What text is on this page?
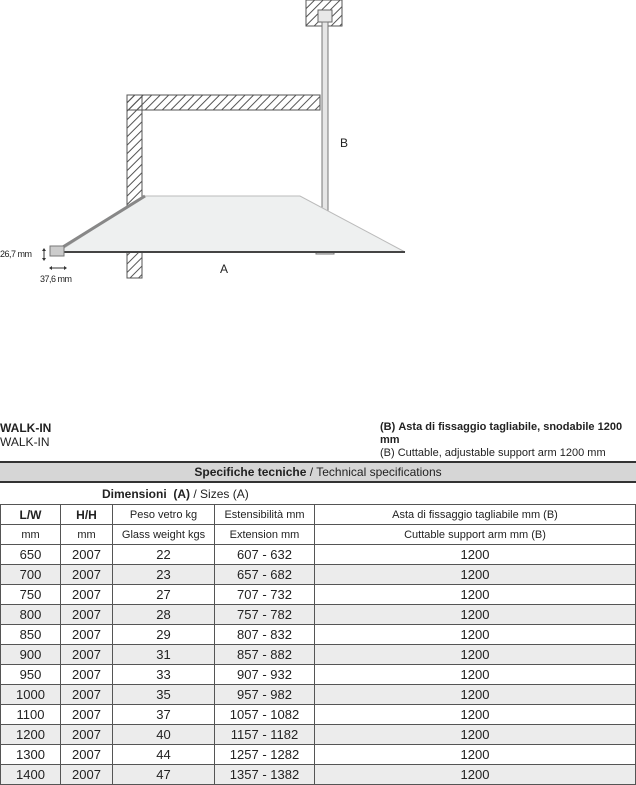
B
A
26,7 mm
37,6 mm
WALK-IN
WALK-IN
(B) Asta di fissaggio tagliabile, snodabile 1200 mm
(B) Cuttable, adjustable support arm 1200 mm
Specifiche tecniche / Technical specifications
Dimensioni (A) / Sizes (A)
L/W	H/H	Peso vetro kg	Estensibilità mm	Asta di fissaggio tagliabile mm (B)
mm	mm	Glass weight kgs	Extension mm	Cuttable support arm mm (B)
650	2007	22	607 - 632	1200
700	2007	23	657 - 682	1200
750	2007	27	707 - 732	1200
800	2007	28	757 - 782	1200
850	2007	29	807 - 832	1200
900	2007	31	857 - 882	1200
950	2007	33	907 - 932	1200
1000	2007	35	957 - 982	1200
1100	2007	37	1057 - 1082	1200
1200	2007	40	1157 - 1182	1200
1300	2007	44	1257 - 1282	1200
1400	2007	47	1357 - 1382	1200
